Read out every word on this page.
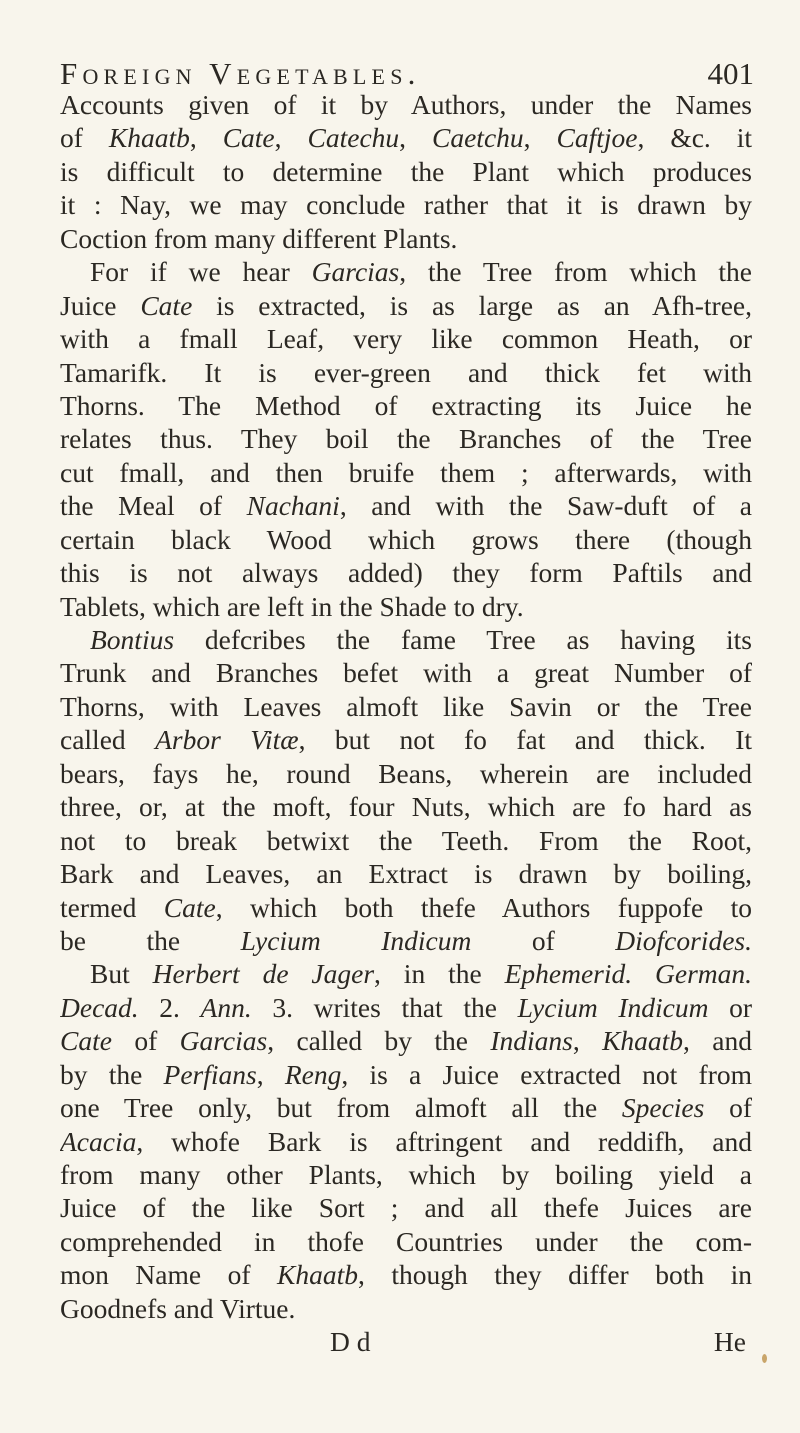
Foreign Vegetables.	401
Accounts given of it by Authors, under the Names
of Khaatb, Cate, Catechu, Caetchu, Caftjoe, &c. it
is difficult to determine the Plant which produces
it : Nay, we may conclude rather that it is drawn by
Coction from many different Plants.
For if we hear Garcias, the Tree from which the
Juice Cate is extracted, is as large as an Afh-tree,
with a fmall Leaf, very like common Heath, or
Tamarifk. It is ever-green and thick fet with
Thorns. The Method of extracting its Juice he
relates thus. They boil the Branches of the Tree
cut fmall, and then bruife them ; afterwards, with
the Meal of Nachani, and with the Saw-duft of a
certain black Wood which grows there (though
this is not always added) they form Paftils and
Tablets, which are left in the Shade to dry.
Bontius defcribes the fame Tree as having its
Trunk and Branches befet with a great Number of
Thorns, with Leaves almoft like Savin or the Tree
called Arbor Vitæ, but not fo fat and thick. It
bears, fays he, round Beans, wherein are included
three, or, at the moft, four Nuts, which are fo hard as
not to break betwixt the Teeth. From the Root,
Bark and Leaves, an Extract is drawn by boiling,
termed Cate, which both thefe Authors fuppofe to
be the Lycium Indicum of Diofcorides.
But Herbert de Jager, in the Ephemerid. German.
Decad. 2. Ann. 3. writes that the Lycium Indicum or
Cate of Garcias, called by the Indians, Khaatb, and
by the Perfians, Reng, is a Juice extracted not from
one Tree only, but from almoft all the Species of
Acacia, whofe Bark is aftringent and reddifh, and
from many other Plants, which by boiling yield a
Juice of the like Sort ; and all thefe Juices are
comprehended in thofe Countries under the com-
mon Name of Khaatb, though they differ both in
Goodnefs and Virtue.
D d	He
